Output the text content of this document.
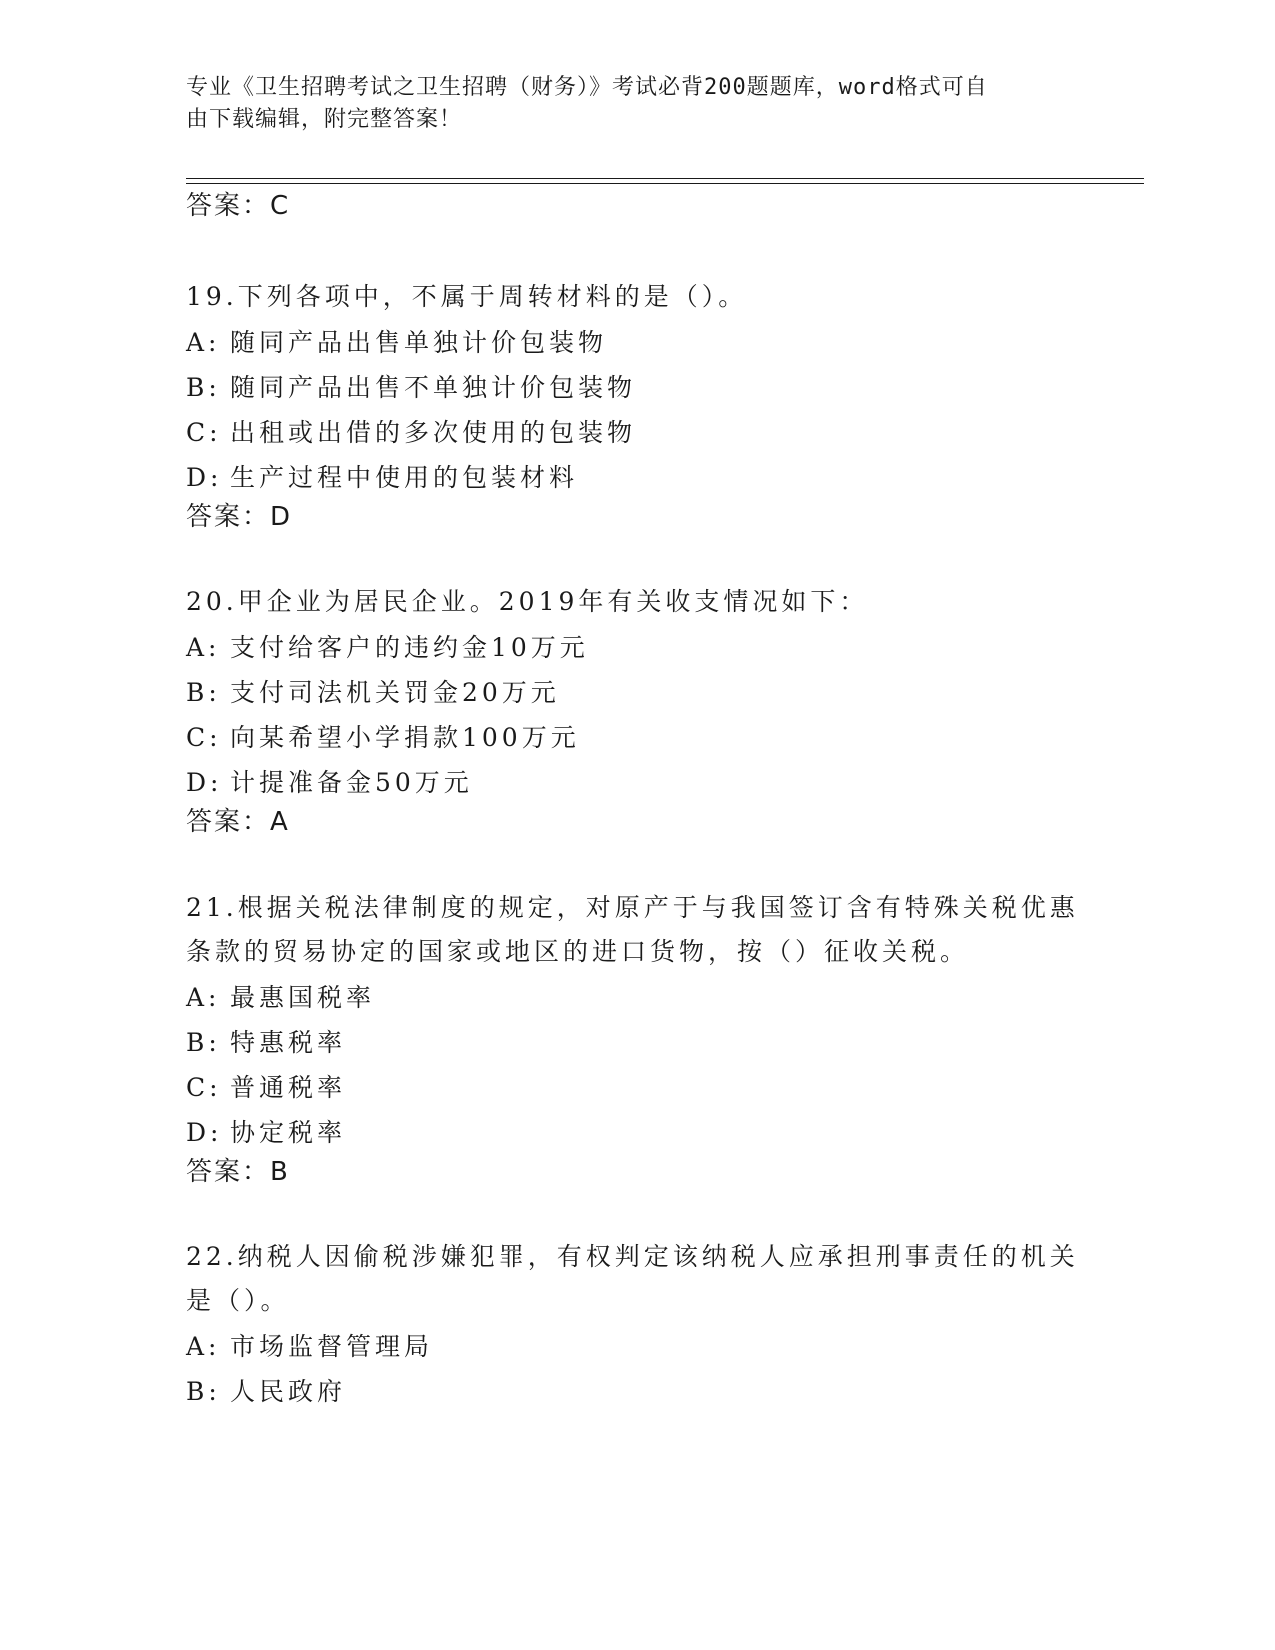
专业《卫生招聘考试之卫生招聘（财务）》考试必背200题题库，word格式可自
由下载编辑，附完整答案！
答案：C
19.下列各项中，不属于周转材料的是（）。
A: 随同产品出售单独计价包装物
B: 随同产品出售不单独计价包装物
C: 出租或出借的多次使用的包装物
D: 生产过程中使用的包装材料
答案：D
20.甲企业为居民企业。2019年有关收支情况如下：
A: 支付给客户的违约金10万元
B: 支付司法机关罚金20万元
C: 向某希望小学捐款100万元
D: 计提准备金50万元
答案：A
21.根据关税法律制度的规定，对原产于与我国签订含有特殊关税优惠
条款的贸易协定的国家或地区的进口货物，按（）征收关税。
A: 最惠国税率
B: 特惠税率
C: 普通税率
D: 协定税率
答案：B
22.纳税人因偷税涉嫌犯罪，有权判定该纳税人应承担刑事责任的机关
是（）。
A: 市场监督管理局
B: 人民政府
